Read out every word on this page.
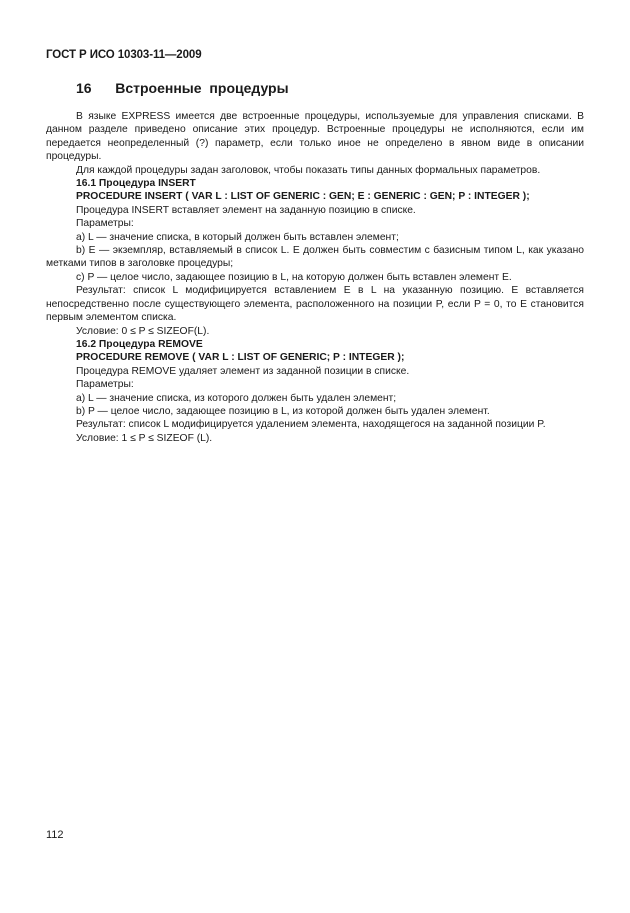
ГОСТ Р ИСО 10303-11—2009
16 Встроенные процедуры

В языке EXPRESS имеется две встроенные процедуры, используемые для управления списками. В данном разделе приведено описание этих процедур. Встроенные процедуры не исполняются, если им передается неопределенный (?) параметр, если только иное не определено в явном виде в описании процедуры.

Для каждой процедуры задан заголовок, чтобы показать типы данных формальных параметров.

16.1 Процедура INSERT

PROCEDURE INSERT ( VAR L : LIST OF GENERIC : GEN; E : GENERIC : GEN; P : INTEGER );

Процедура INSERT вставляет элемент на заданную позицию в списке.

Параметры:

а) L — значение списка, в который должен быть вставлен элемент;

b) E — экземпляр, вставляемый в список L. E должен быть совместим с базисным типом L, как указано метками типов в заголовке процедуры;

с) P — целое число, задающее позицию в L, на которую должен быть вставлен элемент E.

Результат: список L модифицируется вставлением E в L на указанную позицию. E вставляется непосредственно после существующего элемента, расположенного на позиции P, если P = 0, то E становится первым элементом списка.

Условие: 0 ≤ P ≤ SIZEOF(L).

16.2 Процедура REMOVE

PROCEDURE REMOVE ( VAR L : LIST OF GENERIC; P : INTEGER );

Процедура REMOVE удаляет элемент из заданной позиции в списке.

Параметры:

а) L — значение списка, из которого должен быть удален элемент;

b) P — целое число, задающее позицию в L, из которой должен быть удален элемент.

Результат: список L модифицируется удалением элемента, находящегося на заданной позиции P.

Условие: 1 ≤ P ≤ SIZEOF (L).

112
